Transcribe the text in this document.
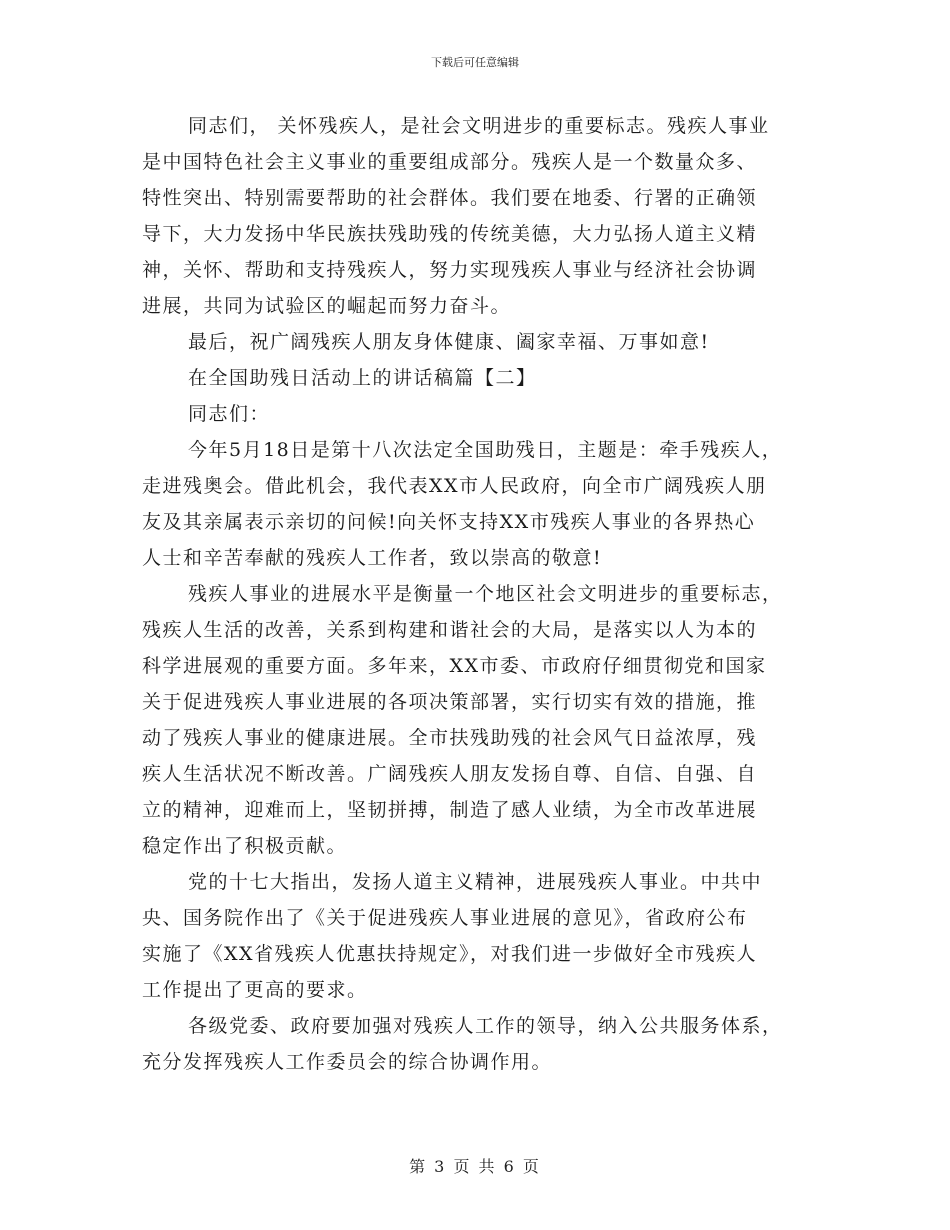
下载后可任意编辑
同志们， 关怀残疾人，是社会文明进步的重要标志。残疾人事业
是中国特色社会主义事业的重要组成部分。残疾人是一个数量众多、
特性突出、特别需要帮助的社会群体。我们要在地委、行署的正确领
导下，大力发扬中华民族扶残助残的传统美德，大力弘扬人道主义精
神，关怀、帮助和支持残疾人，努力实现残疾人事业与经济社会协调
进展，共同为试验区的崛起而努力奋斗。
最后，祝广阔残疾人朋友身体健康、阖家幸福、万事如意!
在全国助残日活动上的讲话稿篇【二】
同志们：
今年5月18日是第十八次法定全国助残日，主题是：牵手残疾人，
走进残奥会。借此机会，我代表XX市人民政府，向全市广阔残疾人朋
友及其亲属表示亲切的问候!向关怀支持XX市残疾人事业的各界热心
人士和辛苦奉献的残疾人工作者，致以崇高的敬意!
残疾人事业的进展水平是衡量一个地区社会文明进步的重要标志，
残疾人生活的改善，关系到构建和谐社会的大局，是落实以人为本的
科学进展观的重要方面。多年来，XX市委、市政府仔细贯彻党和国家
关于促进残疾人事业进展的各项决策部署，实行切实有效的措施，推
动了残疾人事业的健康进展。全市扶残助残的社会风气日益浓厚，残
疾人生活状况不断改善。广阔残疾人朋友发扬自尊、自信、自强、自
立的精神，迎难而上，坚韧拼搏，制造了感人业绩，为全市改革进展
稳定作出了积极贡献。
党的十七大指出，发扬人道主义精神，进展残疾人事业。中共中
央、国务院作出了《关于促进残疾人事业进展的意见》，省政府公布
实施了《XX省残疾人优惠扶持规定》，对我们进一步做好全市残疾人
工作提出了更高的要求。
各级党委、政府要加强对残疾人工作的领导，纳入公共服务体系，
充分发挥残疾人工作委员会的综合协调作用。
第 3 页 共 6 页
